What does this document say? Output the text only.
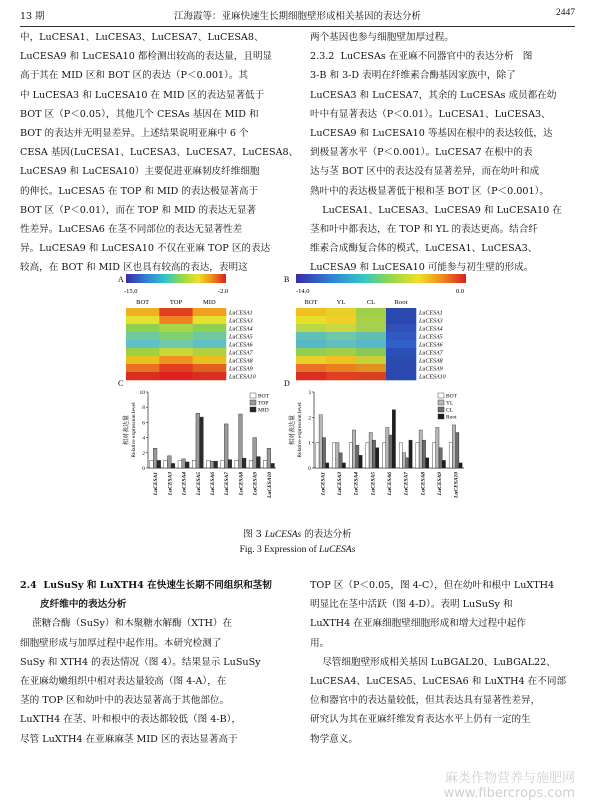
13 期	江海霞等：亚麻快速生长期细胞壁形成相关基因的表达分析	2447
中，LuCESA1、LuCESA3、LuCESA7、LuCESA8、
LuCESA9 和 LuCESA10 都检测出较高的表达量，且明显
高于其在 MID 区和 BOT 区的表达（P＜0.001）。其
中 LuCESA3 和 LuCESA10 在 MID 区的表达显著低于
BOT 区（P＜0.05），其他几个 CESAs 基因在 MID 和
BOT 的表达并无明显差异。上述结果说明亚麻中 6 个
CESA 基因(LuCESA1、LuCESA3、LuCESA7、LuCESA8、
LuCESA9 和 LuCESA10）主要促进亚麻韧皮纤维细胞
的伸长。LuCESA5 在 TOP 和 MID 的表达极显著高于
BOT 区（P＜0.01），而在 TOP 和 MID 的表达无显著
性差异。LuCESA6 在茎不同部位的表达无显著性差
异。LuCESA9 和 LuCESA10 不仅在亚麻 TOP 区的表达
较高，在 BOT 和 MID 区也具有较高的表达，表明这
两个基因也参与细胞壁加厚过程。
2.3.2  LuCESAs 在亚麻不同器官中的表达分析   图
3-B 和 3-D 表明在纤维素合酶基因家族中，除了
LuCESA3 和 LuCESA7，其余的 LuCESAs 成员都在幼
叶中有显著表达（P＜0.01）。LuCESA1、LuCESA3、
LuCESA9 和 LuCESA10 等基因在根中的表达较低，达
到极显著水平（P＜0.001）。LuCESA7 在根中的表
达与茎 BOT 区中的表达没有显著差异，而在幼叶和成
熟叶中的表达极显著低于根和茎 BOT 区（P＜0.001）。
LuCESA1、LuCESA3、LuCESA9 和 LuCESA10 在
茎和叶中都表达，在 TOP 和 YL 的表达更高。结合纤
维素合成酶复合体的模式，LuCESA1、LuCESA3、
LuCESA9 和 LuCESA10 可能参与初生壁的形成。
A
-15.0	-2.0
BOT	TOP	MID
LuCESA1
LuCESA3
LuCESA4
LuCESA5
LuCESA6
LuCESA7
LuCESA8
LuCESA9
LuCESA10
B
-14.0	0.0
BOT	YL	CL	Root
LuCESA1
LuCESA3
LuCESA4
LuCESA5
LuCESA6
LuCESA7
LuCESA8
LuCESA9
LuCESA10
C	D
0
2
4
6
8
10
LuCESA1 LuCESA3 LuCESA4 LuCESA5 LuCESA6 LuCESA7 LuCESA8 LuCESA9 LuCESA10
BOT
TOP
MID
相对表达量 Relative expression level
0
1
2
3
LuCESA1 LuCESA3 LuCESA4 LuCESA5 LuCESA6 LuCESA7 LuCESA8 LuCESA9 LuCESA10
BOT
YL
CL
Root
相对表达量 Relative expression level
图 3 LuCESAs 的表达分析
Fig. 3 Expression of LuCESAs
2.4  LuSuSy 和 LuXTH4 在快速生长期不同组织和茎韧
皮纤维中的表达分析
蔗糖合酶（SuSy）和木聚糖水解酶（XTH）在
细胞壁形成与加厚过程中起作用。本研究检测了
SuSy 和 XTH4 的表达情况（图 4）。结果显示 LuSuSy
在亚麻幼嫩组织中相对表达量较高（图 4-A），在
茎的 TOP 区和幼叶中的表达显著高于其他部位。
LuXTH4 在茎、叶和根中的表达都较低（图 4-B），
尽管 LuXTH4 在亚麻麻茎 MID 区的表达显著高于
TOP 区（P＜0.05，图 4-C），但在幼叶和根中 LuXTH4
明显比在茎中活跃（图 4-D）。表明 LuSuSy 和
LuXTH4 在亚麻细胞壁细胞形成和增大过程中起作
用。
尽管细胞壁形成相关基因 LuBGAL20、LuBGAL22、
LuCESA4、LuCESA5、LuCESA6 和 LuXTH4 在不同部
位和器官中的表达量较低，但其表达具有显著性差异，
研究认为其在亚麻纤维发育表达水平上仍有一定的生
物学意义。
麻类作物营养与施肥网
www.fibercrops.com
